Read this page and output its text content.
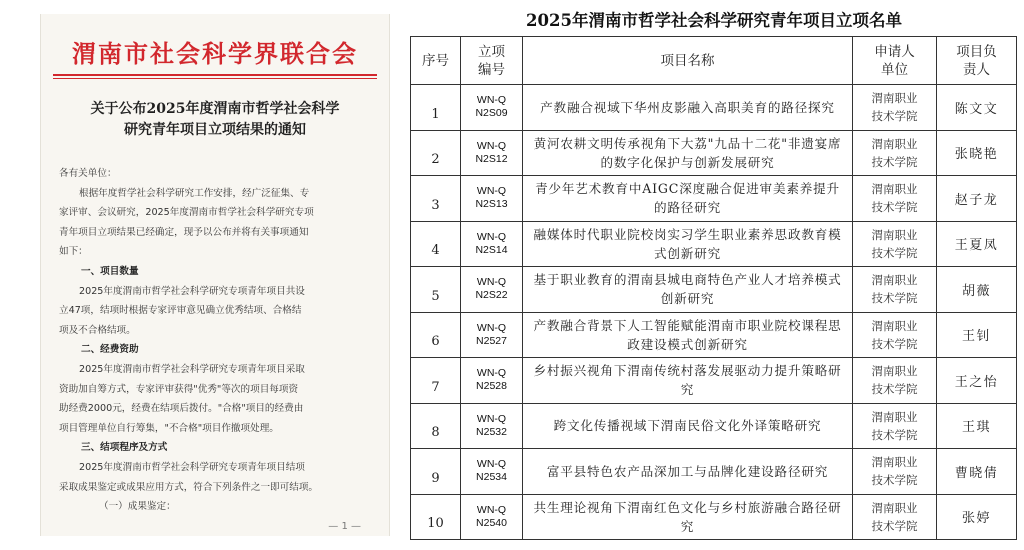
渭南市社会科学界联合会
关于公布2025年度渭南市哲学社会科学
研究青年项目立项结果的通知

各有关单位：

根据年度哲学社会科学研究工作安排，经广泛征集、专

家评审、会议研究，2025年度渭南市哲学社会科学研究专项

青年项目立项结果已经确定，现予以公布并将有关事项通知

如下：

一、项目数量

2025年度渭南市哲学社会科学研究专项青年项目共设

立47项，结项时根据专家评审意见确立优秀结项、合格结

项及不合格结项。

二、经费资助

2025年度渭南市哲学社会科学研究专项青年项目采取

资助加自筹方式，专家评审获得"优秀"等次的项目每项资

助经费2000元，经费在结项后拨付。"合格"项目的经费由

项目管理单位自行筹集，"不合格"项目作撤项处理。

三、结项程序及方式

2025年度渭南市哲学社会科学研究专项青年项目结项

采取成果鉴定或成果应用方式，符合下列条件之一即可结项。

（一）成果鉴定：

— 1 —
2025年渭南市哲学社会科学研究青年项目立项名单
序号	立项
编号	项目名称	申请人
单位	项目负
责人

1	WN-Q
N2S09	产教融合视域下华州皮影融入高职美育的路径探究	渭南职业
技术学院	陈文文
2	WN-Q
N2S12	黄河农耕文明传承视角下大荔"九品十二花"非遗宴席的数字化保护与创新发展研究	渭南职业
技术学院	张晓艳
3	WN-Q
N2S13	青少年艺术教育中AIGC深度融合促进审美素养提升的路径研究	渭南职业
技术学院	赵子龙
4	WN-Q
N2S14	融媒体时代职业院校岗实习学生职业素养思政教育模式创新研究	渭南职业
技术学院	王夏凤
5	WN-Q
N2S22	基于职业教育的渭南县城电商特色产业人才培养模式创新研究	渭南职业
技术学院	胡薇
6	WN-Q
N2527	产教融合背景下人工智能赋能渭南市职业院校课程思政建设模式创新研究	渭南职业
技术学院	王钊
7	WN-Q
N2528	乡村振兴视角下渭南传统村落发展驱动力提升策略研究	渭南职业
技术学院	王之怡
8	WN-Q
N2532	跨文化传播视域下渭南民俗文化外译策略研究	渭南职业
技术学院	王琪
9	WN-Q
N2534	富平县特色农产品深加工与品牌化建设路径研究	渭南职业
技术学院	曹晓倩
10	WN-Q
N2540	共生理论视角下渭南红色文化与乡村旅游融合路径研究	渭南职业
技术学院	张婷
